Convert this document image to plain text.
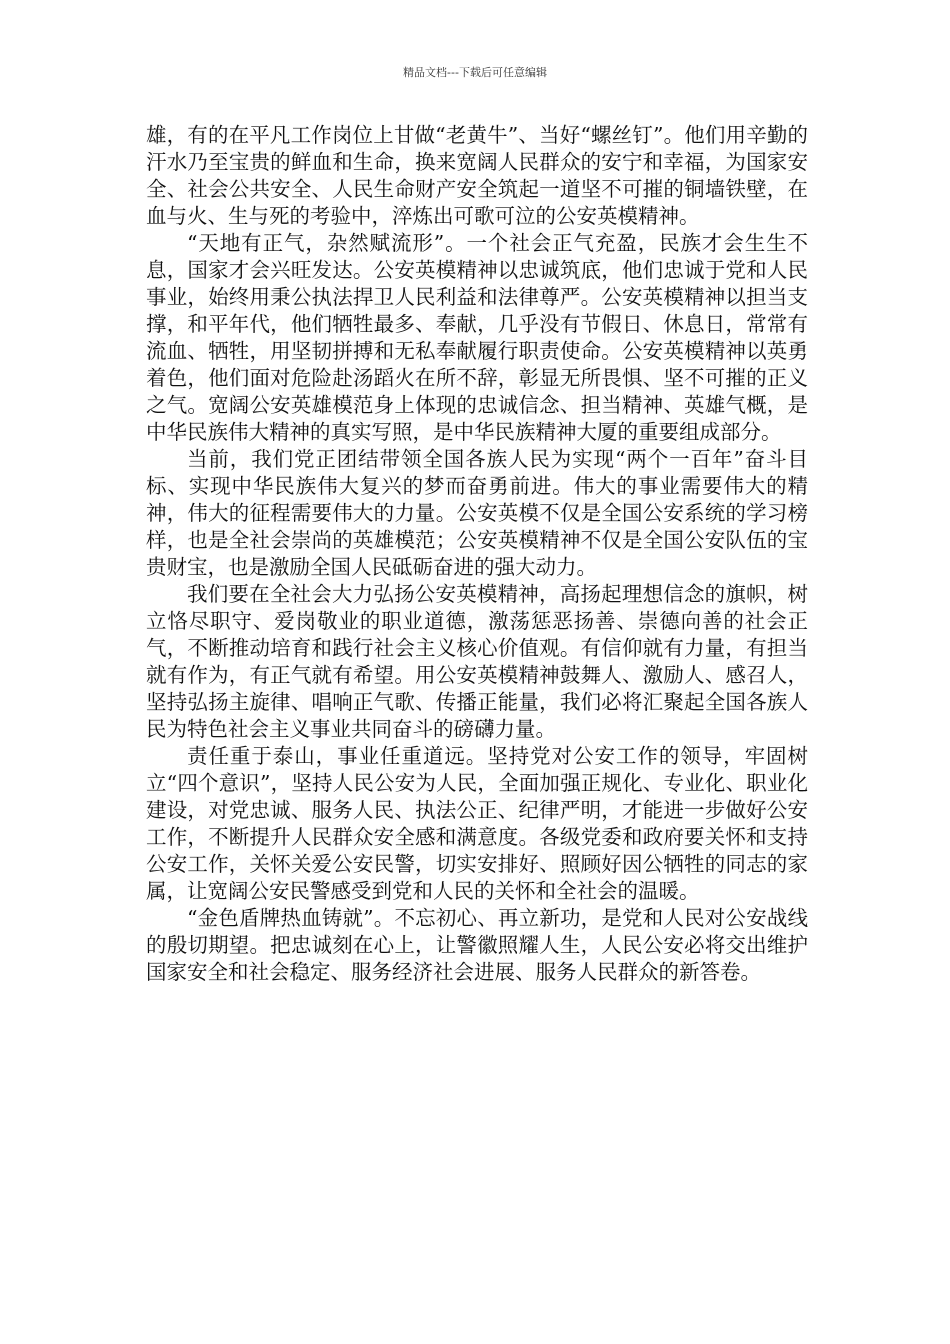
精品文档---下载后可任意编辑

雄，有的在平凡工作岗位上甘做“老黄牛”、当好“螺丝钉”。他们用辛勤的汗水乃至宝贵的鲜血和生命，换来宽阔人民群众的安宁和幸福，为国家安全、社会公共安全、人民生命财产安全筑起一道坚不可摧的铜墙铁壁，在血与火、生与死的考验中，淬炼出可歌可泣的公安英模精神。

“天地有正气，杂然赋流形”。一个社会正气充盈，民族才会生生不息，国家才会兴旺发达。公安英模精神以忠诚筑底，他们忠诚于党和人民事业，始终用秉公执法捍卫人民利益和法律尊严。公安英模精神以担当支撑，和平年代，他们牺牲最多、奉献，几乎没有节假日、休息日，常常有流血、牺牲，用坚韧拼搏和无私奉献履行职责使命。公安英模精神以英勇着色，他们面对危险赴汤蹈火在所不辞，彰显无所畏惧、坚不可摧的正义之气。宽阔公安英雄模范身上体现的忠诚信念、担当精神、英雄气概，是中华民族伟大精神的真实写照，是中华民族精神大厦的重要组成部分。

当前，我们党正团结带领全国各族人民为实现“两个一百年”奋斗目标、实现中华民族伟大复兴的梦而奋勇前进。伟大的事业需要伟大的精神，伟大的征程需要伟大的力量。公安英模不仅是全国公安系统的学习榜样，也是全社会崇尚的英雄模范；公安英模精神不仅是全国公安队伍的宝贵财宝，也是激励全国人民砥砺奋进的强大动力。

我们要在全社会大力弘扬公安英模精神，高扬起理想信念的旗帜，树立恪尽职守、爱岗敬业的职业道德，激荡惩恶扬善、崇德向善的社会正气，不断推动培育和践行社会主义核心价值观。有信仰就有力量，有担当就有作为，有正气就有希望。用公安英模精神鼓舞人、激励人、感召人，坚持弘扬主旋律、唱响正气歌、传播正能量，我们必将汇聚起全国各族人民为特色社会主义事业共同奋斗的磅礴力量。

责任重于泰山，事业任重道远。坚持党对公安工作的领导，牢固树立“四个意识”，坚持人民公安为人民，全面加强正规化、专业化、职业化建设，对党忠诚、服务人民、执法公正、纪律严明，才能进一步做好公安工作，不断提升人民群众安全感和满意度。各级党委和政府要关怀和支持公安工作，关怀关爱公安民警，切实安排好、照顾好因公牺牲的同志的家属，让宽阔公安民警感受到党和人民的关怀和全社会的温暖。

“金色盾牌热血铸就”。不忘初心、再立新功，是党和人民对公安战线的殷切期望。把忠诚刻在心上，让警徽照耀人生，人民公安必将交出维护国家安全和社会稳定、服务经济社会进展、服务人民群众的新答卷。
